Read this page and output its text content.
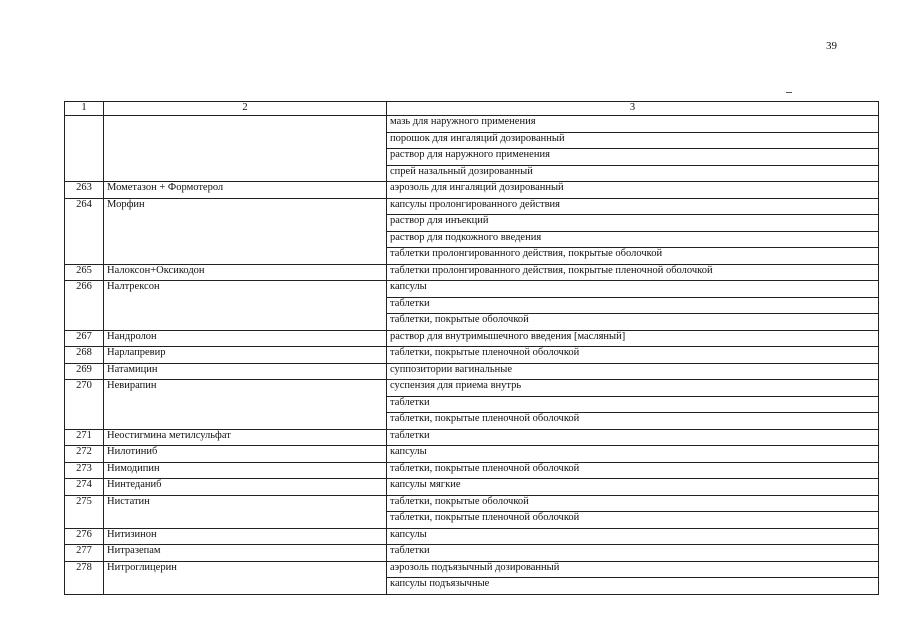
39
1	2	3
		мазь для наружного применения
		порошок для ингаляций дозированный
		раствор для наружного применения
		спрей назальный дозированный
263	Мометазон + Формотерол	аэрозоль для ингаляций дозированный
264	Морфин	капсулы пролонгированного действия
		раствор для инъекций
		раствор для подкожного введения
		таблетки пролонгированного действия, покрытые оболочкой
265	Налоксон+Оксикодон	таблетки пролонгированного действия, покрытые пленочной оболочкой
266	Налтрексон	капсулы
		таблетки
		таблетки, покрытые оболочкой
267	Нандролон	раствор для внутримышечного введения [масляный]
268	Нарлапревир	таблетки, покрытые пленочной оболочкой
269	Натамицин	суппозитории вагинальные
270	Невирапин	суспензия для приема внутрь
		таблетки
		таблетки, покрытые пленочной оболочкой
271	Неостигмина метилсульфат	таблетки
272	Нилотиниб	капсулы
273	Нимодипин	таблетки, покрытые пленочной оболочкой
274	Нинтеданиб	капсулы мягкие
275	Нистатин	таблетки, покрытые оболочкой
		таблетки, покрытые пленочной оболочкой
276	Нитизинон	капсулы
277	Нитразепам	таблетки
278	Нитроглицерин	аэрозоль подъязычный дозированный
		капсулы подъязычные
